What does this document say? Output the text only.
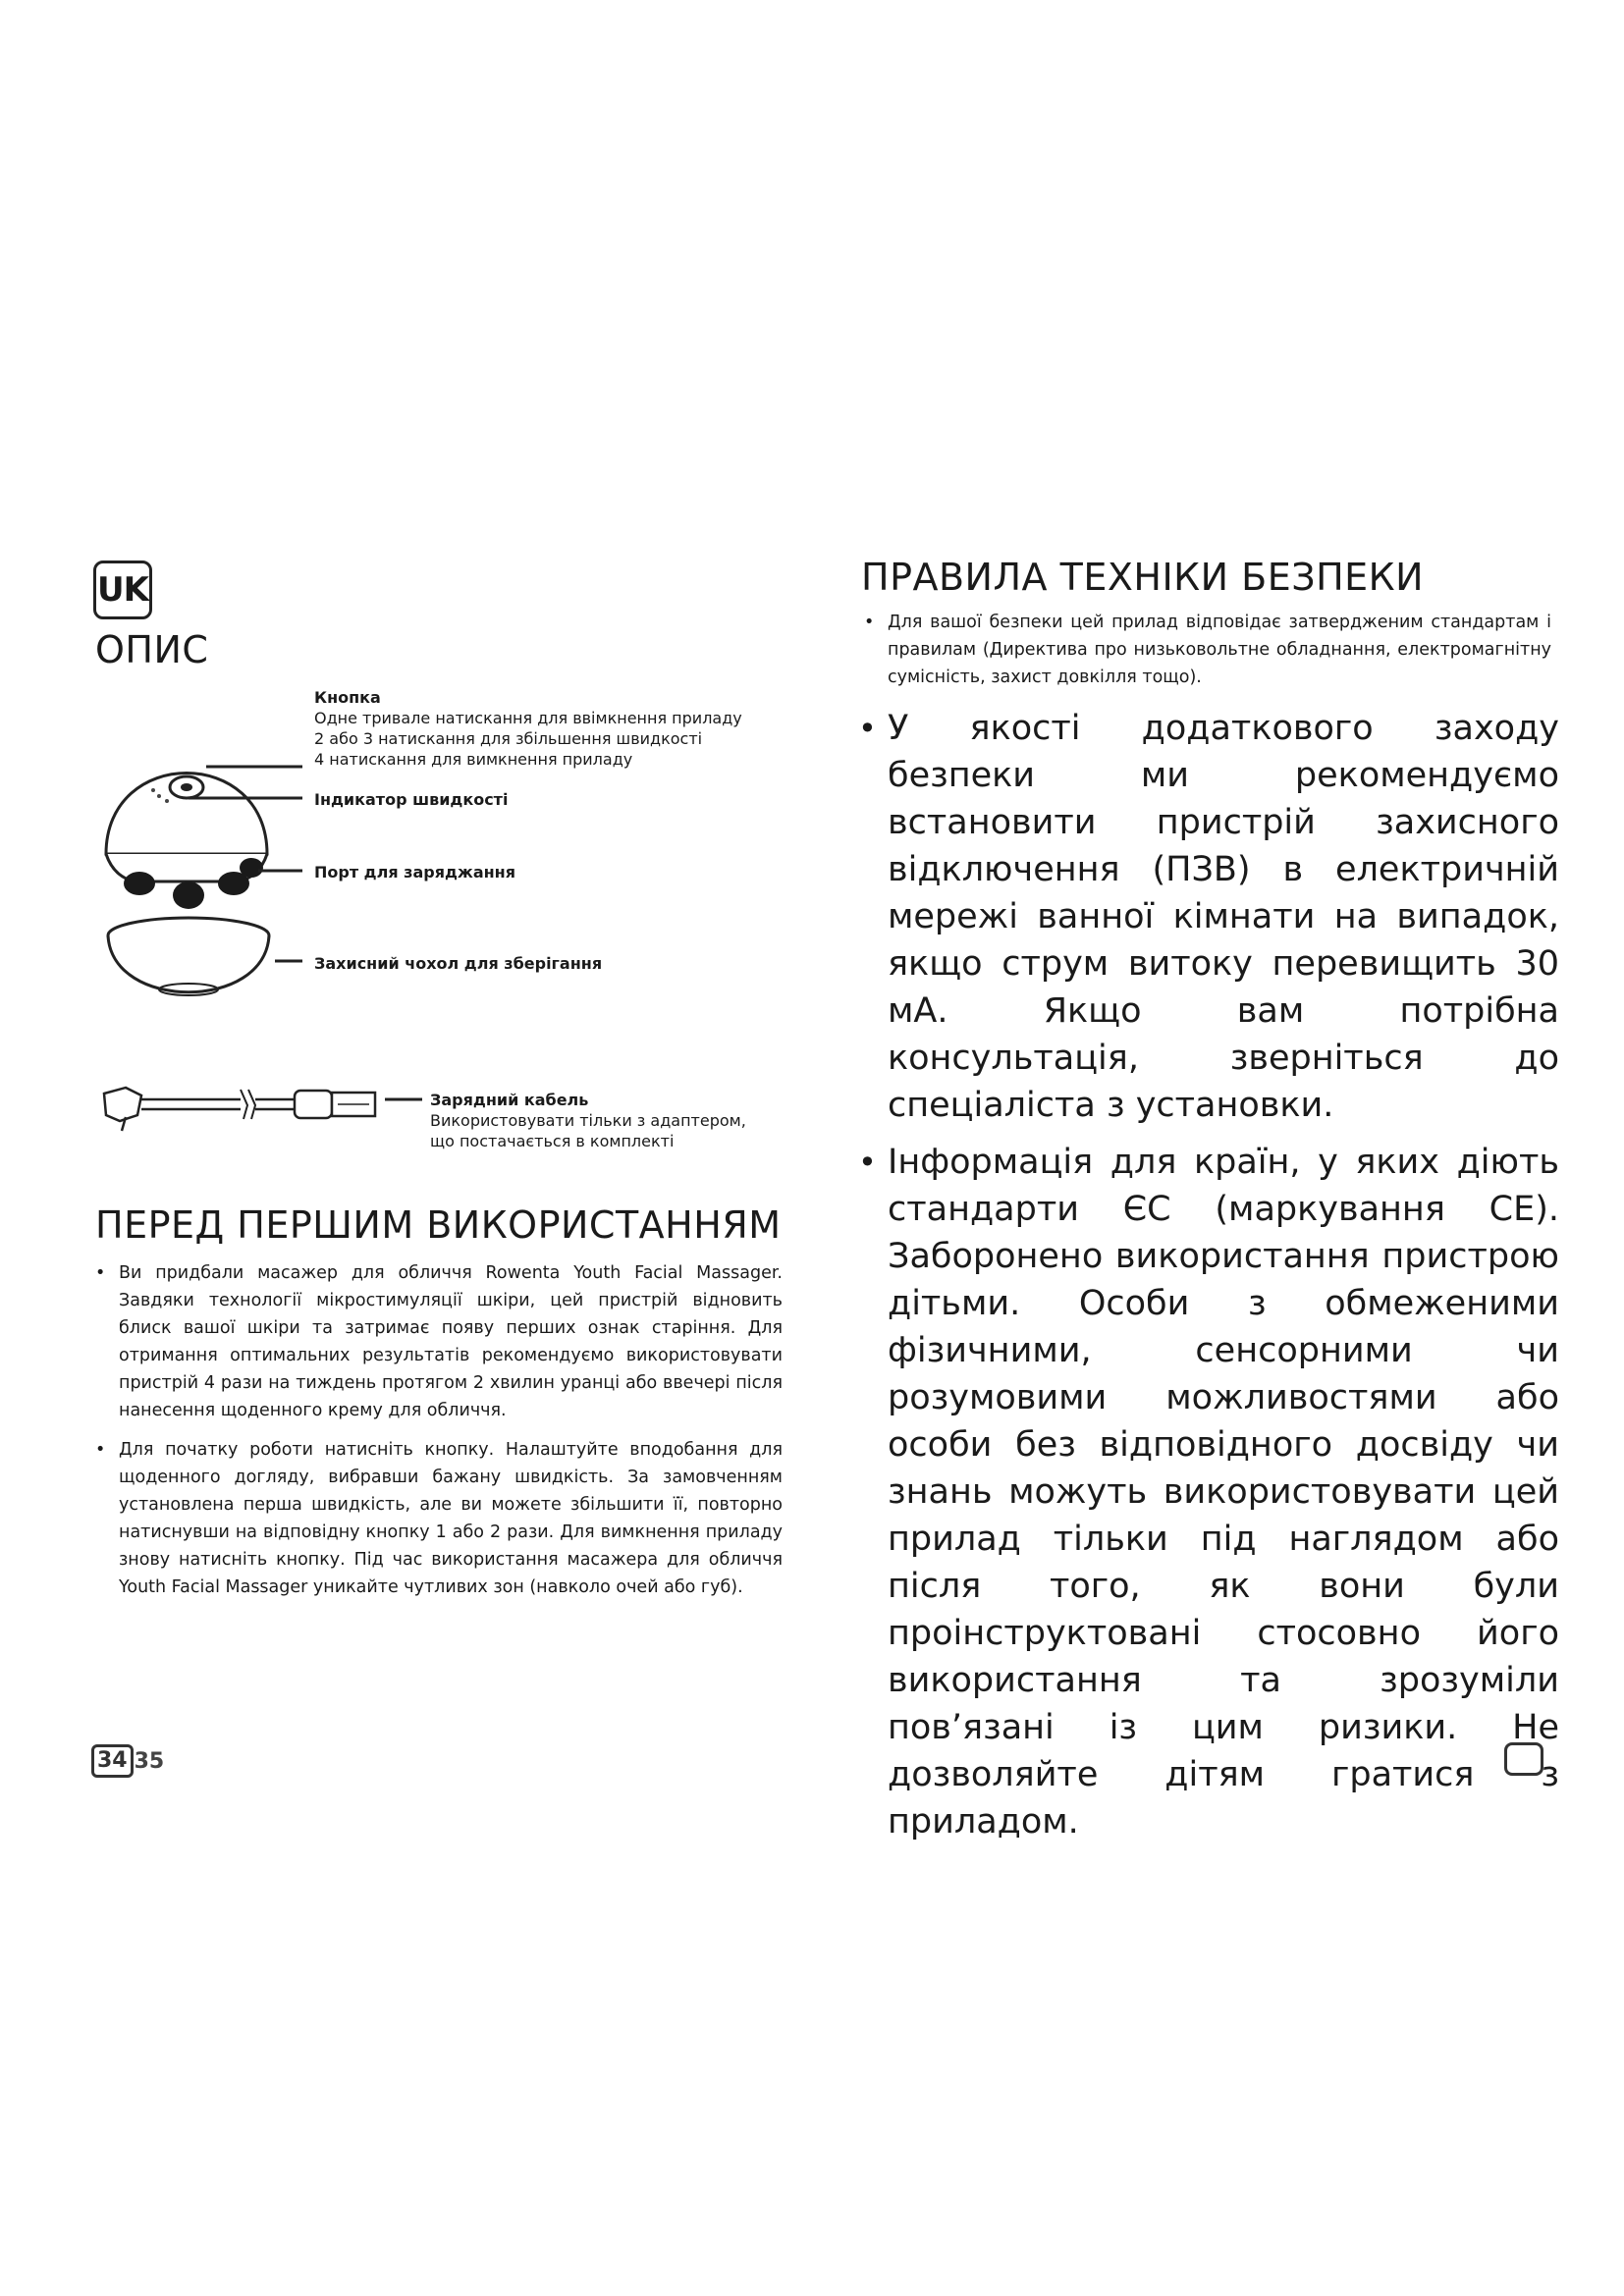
UK
ОПИС
Кнопка
Одне тривале натискання для ввімкнення приладу
2 або 3 натискання для збільшення швидкості
4 натискання для вимкнення приладу
Індикатор швидкості
Порт для заряджання
Захисний чохол для зберігання
Зарядний кабель
Використовувати тільки з адаптером,
що постачається в комплекті
ПЕРЕД ПЕРШИМ ВИКОРИСТАННЯМ
• Ви придбали масажер для обличчя Rowenta Youth Facial Massager. Завдяки технології мікростимуляції шкіри, цей пристрій відновить блиск вашої шкіри та затримає появу перших ознак старіння. Для отримання оптимальних результатів рекомендуємо використовувати пристрій 4 рази на тиждень протягом 2 хвилин уранці або ввечері після нанесення щоденного крему для обличчя.
• Для початку роботи натисніть кнопку. Налаштуйте вподобання для щоденного догляду, вибравши бажану швидкість. За замовченням установлена перша швидкість, але ви можете збільшити її, повторно натиснувши на відповідну кнопку 1 або 2 рази. Для вимкнення приладу знову натисніть кнопку. Під час використання масажера для обличчя Youth Facial Massager уникайте чутливих зон (навколо очей або губ).
ПРАВИЛА ТЕХНІКИ БЕЗПЕКИ
• Для вашої безпеки цей прилад відповідає затвердженим стандартам і правилам (Директива про низьковольтне обладнання, електромагнітну сумісність, захист довкілля тощо).
• У якості додаткового заходу безпеки ми рекомендуємо встановити пристрій захисного відключення (ПЗВ) в електричній мережі ванної кімнати на випадок, якщо струм витоку перевищить 30 мА. Якщо вам потрібна консультація, зверніться до спеціаліста з установки.
• Інформація для країн, у яких діють стандарти ЄС (маркування CE). Заборонено використання пристрою дітьми. Особи з обмеженими фізичними, сенсорними чи розумовими можливостями або особи без відповідного досвіду чи знань можуть використовувати цей прилад тільки під наглядом або після того, як вони були проінструктовані стосовно його використання та зрозуміли пов’язані із цим ризики. Не дозволяйте дітям гратися з приладом.
34 35
